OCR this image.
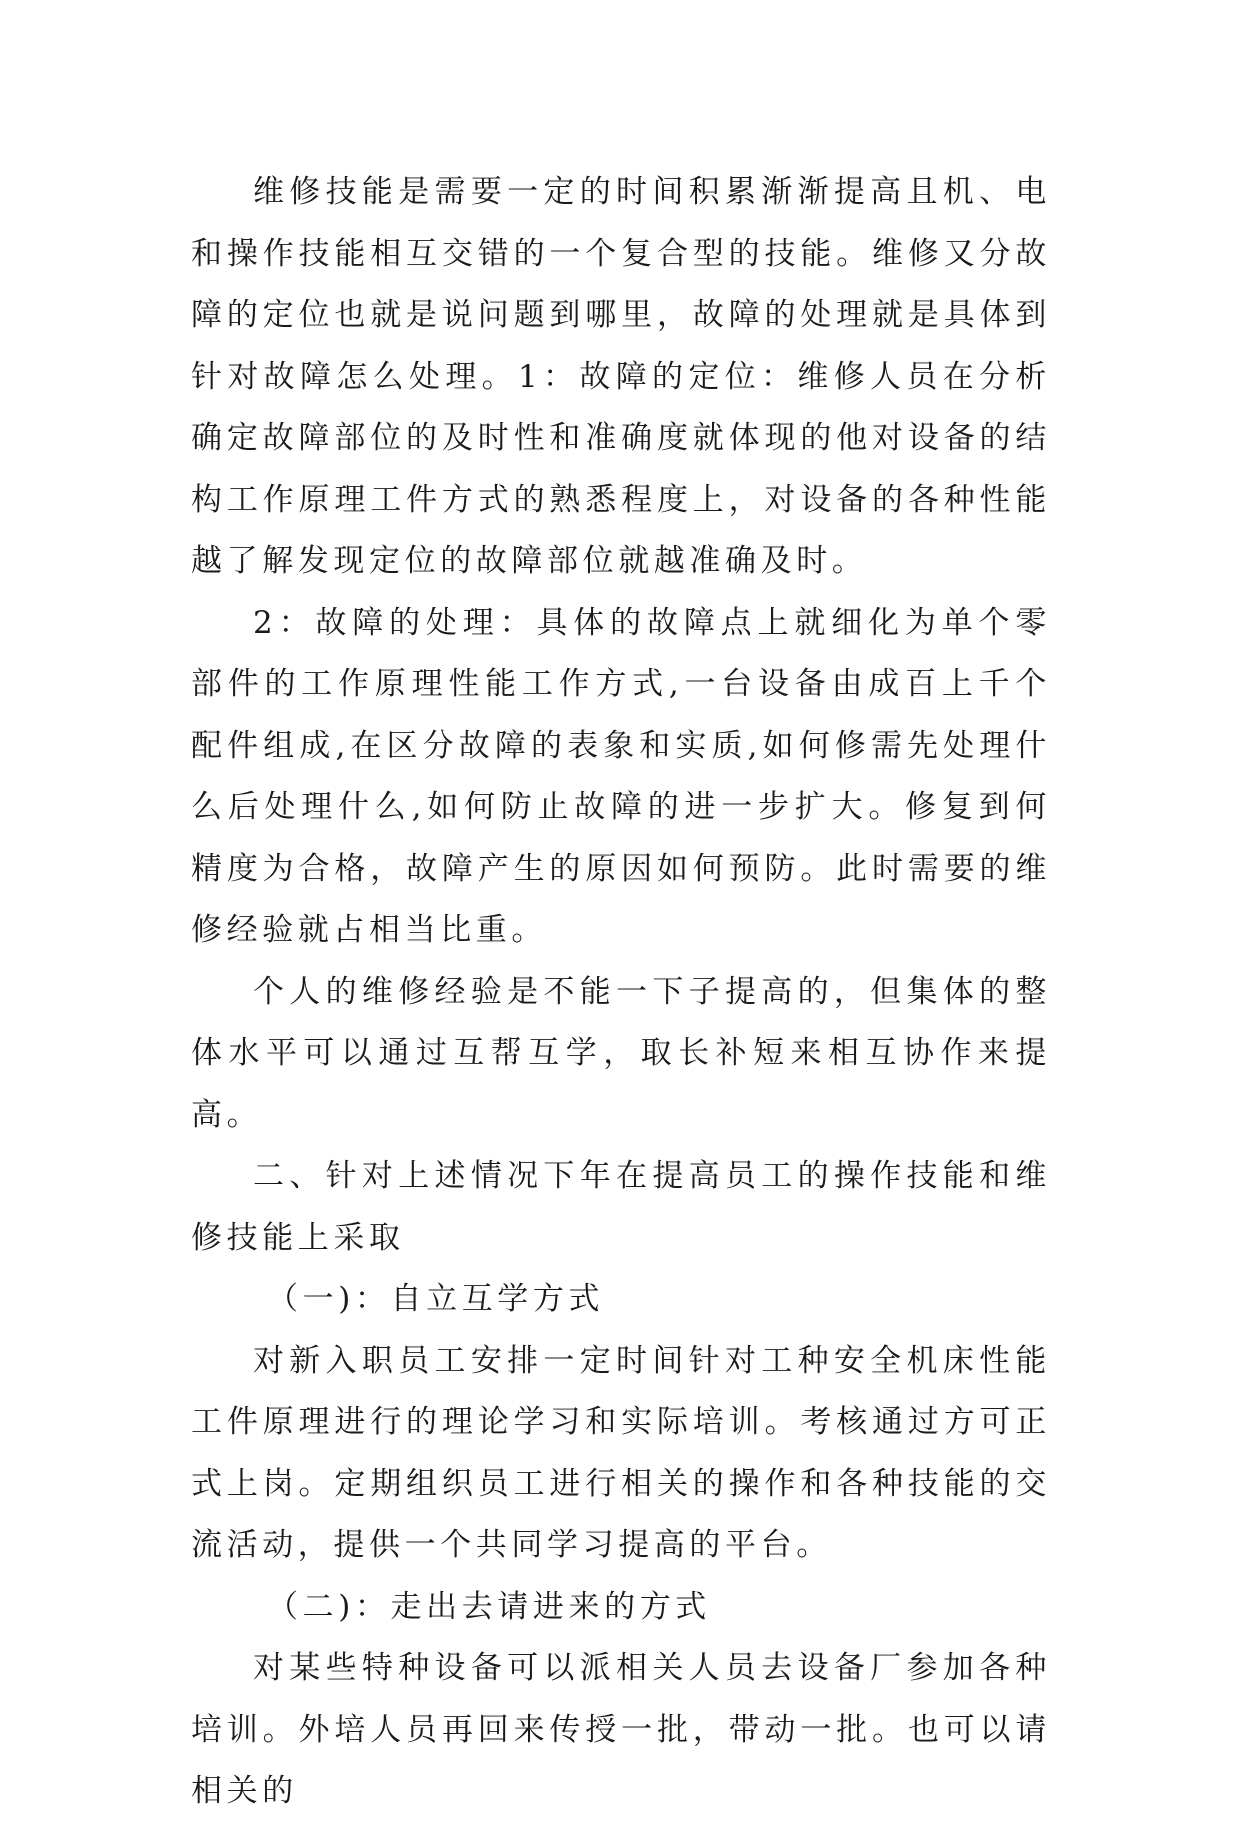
维修技能是需要一定的时间积累渐渐提高且机、电和操作技能相互交错的一个复合型的技能。维修又分故障的定位也就是说问题到哪里，故障的处理就是具体到针对故障怎么处理。1：故障的定位：维修人员在分析确定故障部位的及时性和准确度就体现的他对设备的结构工作原理工件方式的熟悉程度上，对设备的各种性能越了解发现定位的故障部位就越准确及时。

2：故障的处理：具体的故障点上就细化为单个零部件的工作原理性能工作方式,一台设备由成百上千个配件组成,在区分故障的表象和实质,如何修需先处理什么后处理什么,如何防止故障的进一步扩大。修复到何精度为合格，故障产生的原因如何预防。此时需要的维修经验就占相当比重。

个人的维修经验是不能一下子提高的，但集体的整体水平可以通过互帮互学，取长补短来相互协作来提高。

二、针对上述情况下年在提高员工的操作技能和维修技能上采取

（一)：自立互学方式

对新入职员工安排一定时间针对工种安全机床性能工件原理进行的理论学习和实际培训。考核通过方可正式上岗。定期组织员工进行相关的操作和各种技能的交流活动，提供一个共同学习提高的平台。

（二)：走出去请进来的方式

对某些特种设备可以派相关人员去设备厂参加各种培训。外培人员再回来传授一批，带动一批。也可以请相关的
